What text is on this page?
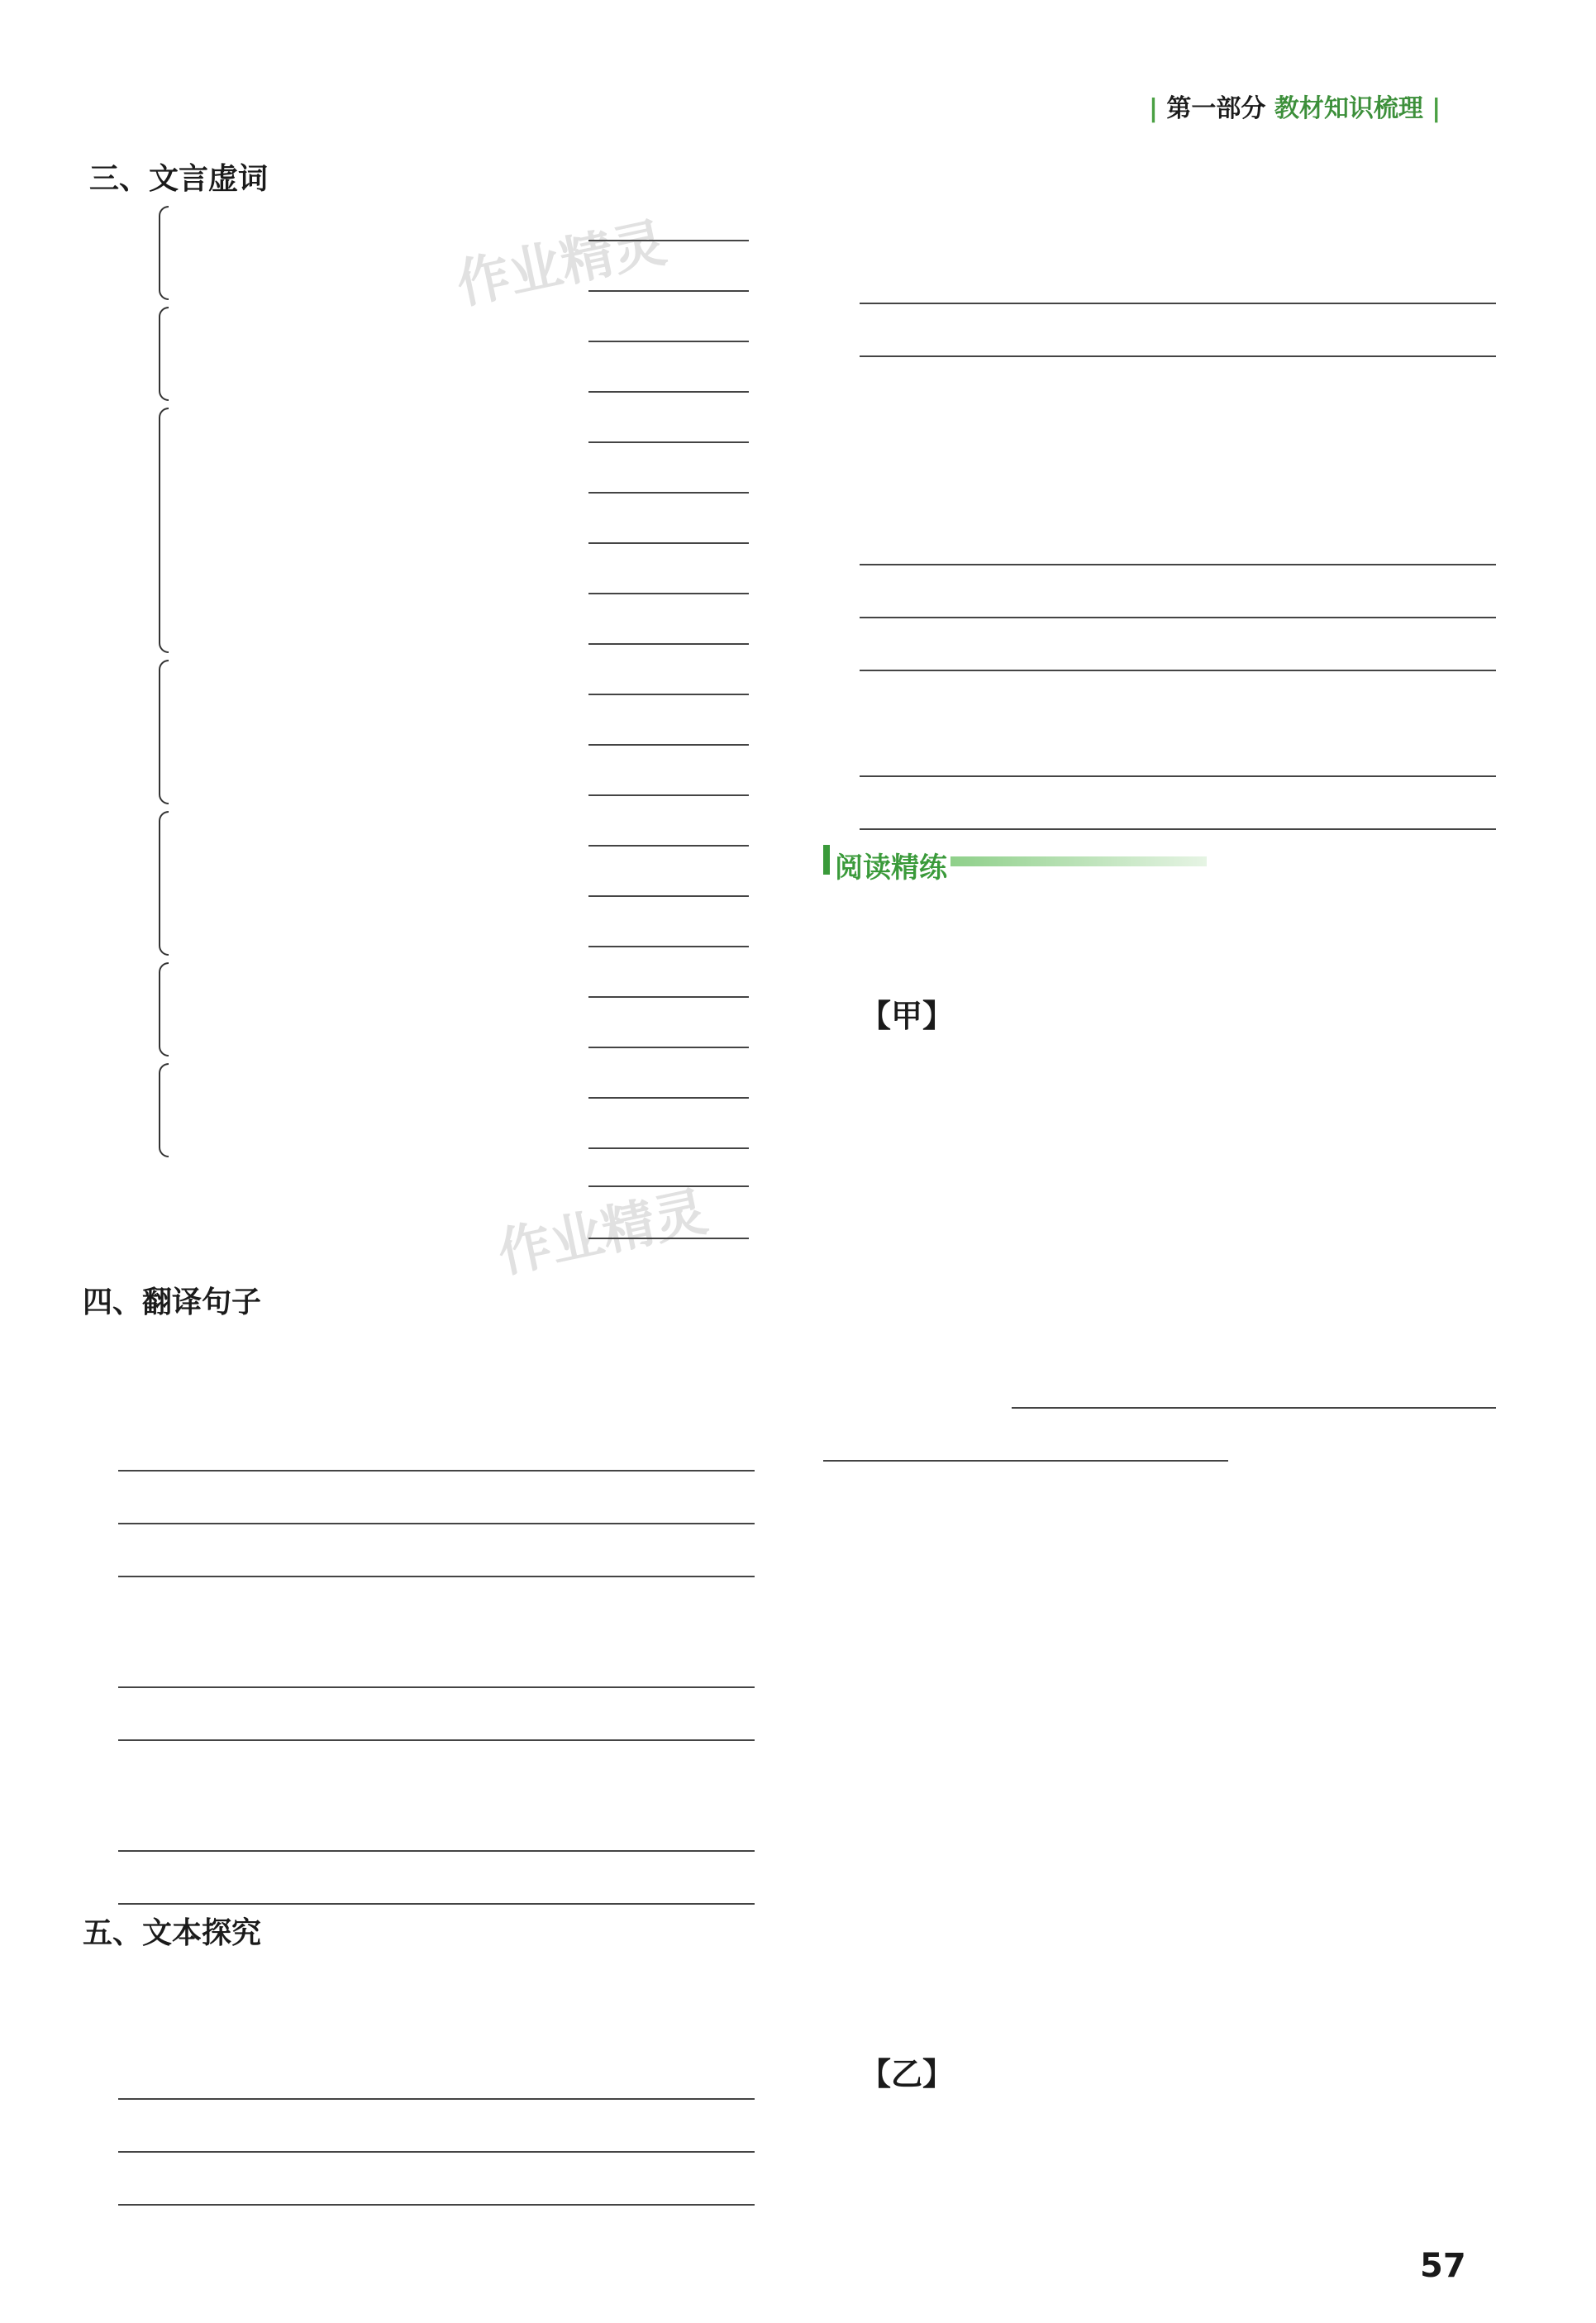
| 第一部分 教材知识梳理 |
作业精灵
作业精灵
三、文言虚词
四、翻译句子
五、文本探究
阅读精练
【甲】
【乙】
57
